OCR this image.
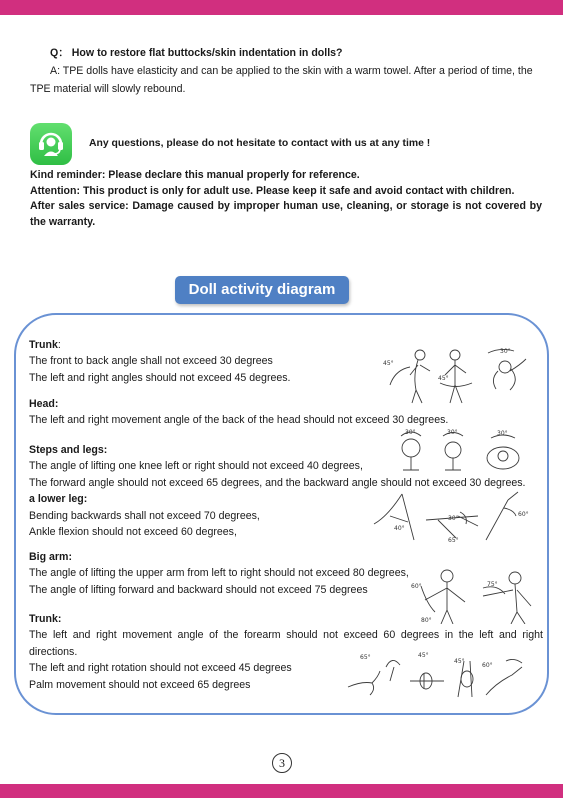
Q： How to restore flat buttocks/skin indentation in dolls?

A: TPE dolls have elasticity and can be applied to the skin with a warm towel. After a period of time, the TPE material will slowly rebound.

Any questions, please do not hesitate to contact with us at any time !

Kind reminder: Please declare this manual properly for reference.

Attention: This product is only for adult use. Please keep it safe and avoid contact with children.

After sales service: Damage caused by improper human use, cleaning, or storage is not covered by the warranty.

Doll activity diagram

Trunk:

The front to back angle shall not exceed 30 degrees

The left and right angles should not exceed 45 degrees.

Head:

The left and right movement angle of the back of the head should not exceed 30 degrees.

Steps and legs:

The angle of lifting one knee left or right should not exceed 40 degrees,

The forward angle should not exceed 65 degrees, and the backward angle should not exceed 30 degrees.

a lower leg:

Bending backwards shall not exceed 70 degrees,

Ankle flexion should not exceed 60 degrees,

Big arm:

The angle of lifting the upper arm from left to right should not exceed 80 degrees,

The angle of lifting forward and backward should not exceed 75 degrees

Trunk:

The left and right movement angle of the forearm should not exceed 60 degrees in the left and right directions.

The left and right rotation should not exceed 45 degrees

Palm movement should not exceed 65 degrees

45°
45°
30°
30°	30°	30°
40°
30°
65°
60°
60°
80°
75°
65°	45°
45°
60°
3
